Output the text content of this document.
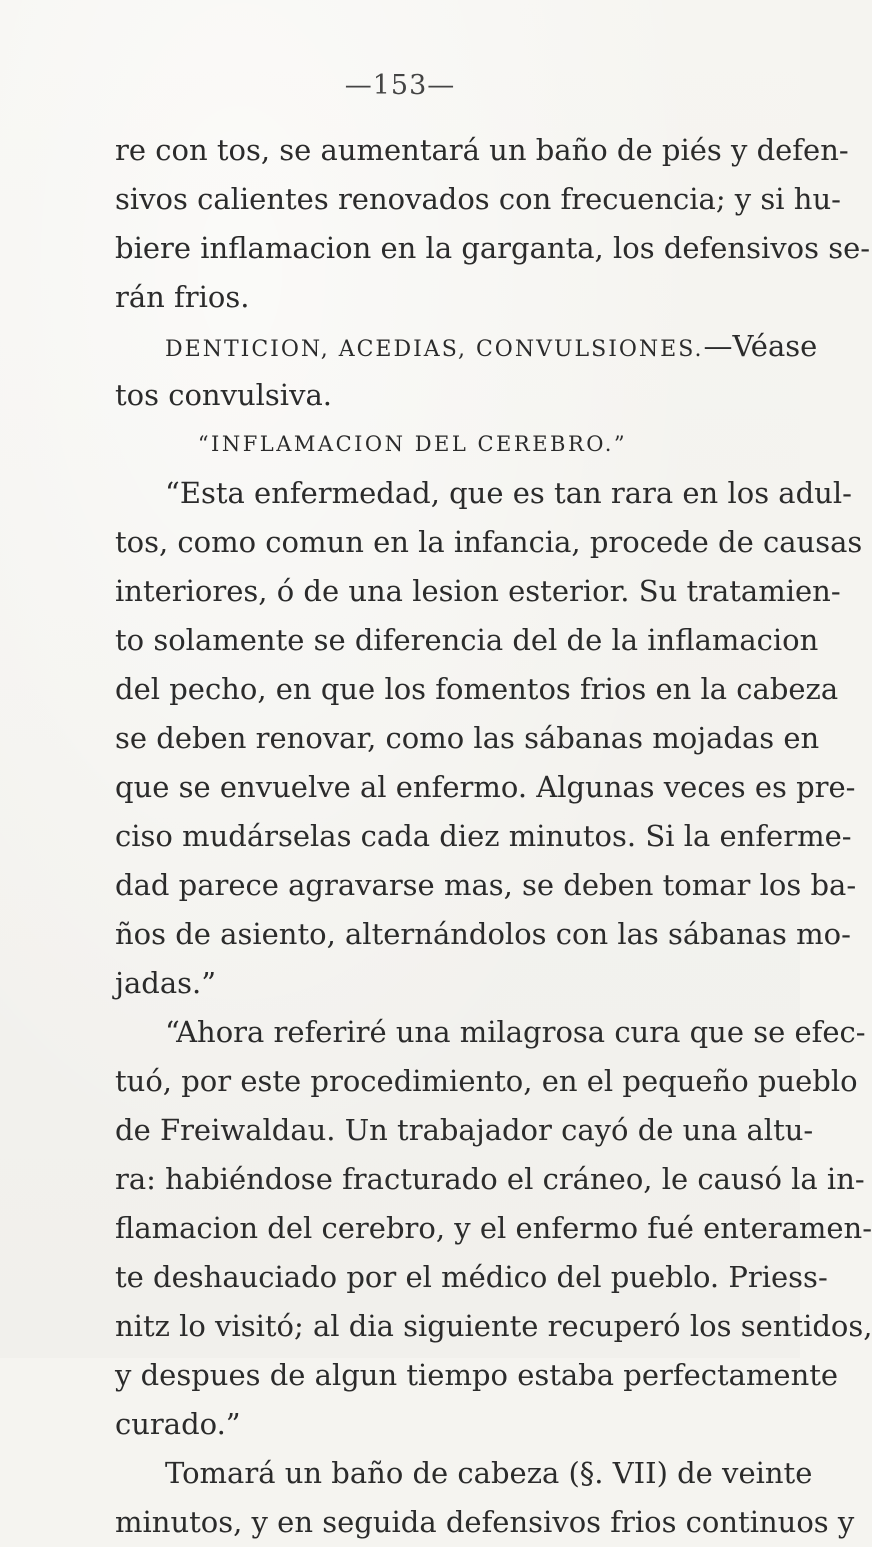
—153—
re con tos, se aumentará un baño de piés y defen-
sivos calientes renovados con frecuencia; y si hu-
biere inflamacion en la garganta, los defensivos se-
rán frios.
DENTICION, ACEDIAS, CONVULSIONES.—Véase
tos convulsiva.
“INFLAMACION DEL CEREBRO.”
“Esta enfermedad, que es tan rara en los adul-
tos, como comun en la infancia, procede de causas
interiores, ó de una lesion esterior. Su tratamien-
to solamente se diferencia del de la inflamacion
del pecho, en que los fomentos frios en la cabeza
se deben renovar, como las sábanas mojadas en
que se envuelve al enfermo. Algunas veces es pre-
ciso mudárselas cada diez minutos. Si la enferme-
dad parece agravarse mas, se deben tomar los ba-
ños de asiento, alternándolos con las sábanas mo-
jadas.”
“Ahora referiré una milagrosa cura que se efec-
tuó, por este procedimiento, en el pequeño pueblo
de Freiwaldau. Un trabajador cayó de una altu-
ra: habiéndose fracturado el cráneo, le causó la in-
flamacion del cerebro, y el enfermo fué enteramen-
te deshauciado por el médico del pueblo. Priess-
nitz lo visitó; al dia siguiente recuperó los sentidos,
y despues de algun tiempo estaba perfectamente
curado.”
Tomará un baño de cabeza (§. VII) de veinte
minutos, y en seguida defensivos frios continuos y
